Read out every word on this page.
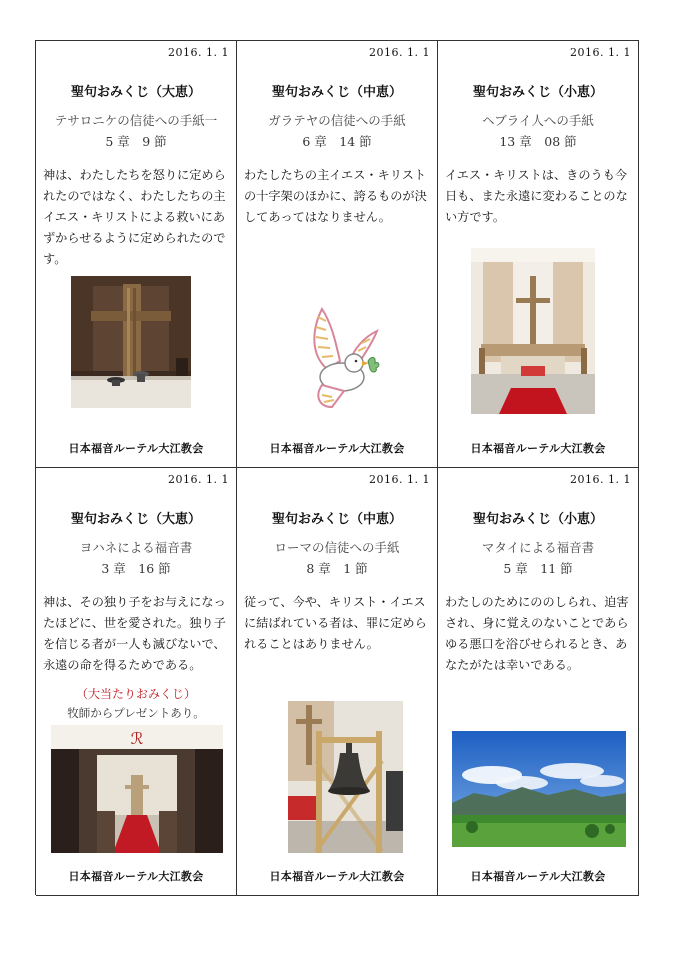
2016. 1. 1
聖句おみくじ（大恵）
テサロニケの信徒への手紙一
5 章　9 節
神は、わたしたちを怒りに定められたのではなく、わたしたちの主イエス・キリストによる救いにあずからせるように定められたのです。
日本福音ルーテル大江教会
2016. 1. 1
聖句おみくじ（中恵）
ガラテヤの信徒への手紙
6 章　14 節
わたしたちの主イエス・キリストの十字架のほかに、誇るものが決してあってはなりません。
日本福音ルーテル大江教会
2016. 1. 1
聖句おみくじ（小恵）
ヘブライ人への手紙
13 章　08 節
イエス・キリストは、きのうも今日も、また永遠に変わることのない方です。
日本福音ルーテル大江教会
2016. 1. 1
聖句おみくじ（大恵）
ヨハネによる福音書
3 章　16 節
神は、その独り子をお与えになったほどに、世を愛された。独り子を信じる者が一人も滅びないで、永遠の命を得るためである。
（大当たりおみくじ）
牧師からプレゼントあり。
ℛ
日本福音ルーテル大江教会
2016. 1. 1
聖句おみくじ（中恵）
ローマの信徒への手紙
8 章　1 節
従って、今や、キリスト・イエスに結ばれている者は、罪に定められることはありません。
日本福音ルーテル大江教会
2016. 1. 1
聖句おみくじ（小恵）
マタイによる福音書
5 章　11 節
わたしのためにののしられ、迫害され、身に覚えのないことであらゆる悪口を浴びせられるとき、あなたがたは幸いである。
日本福音ルーテル大江教会
